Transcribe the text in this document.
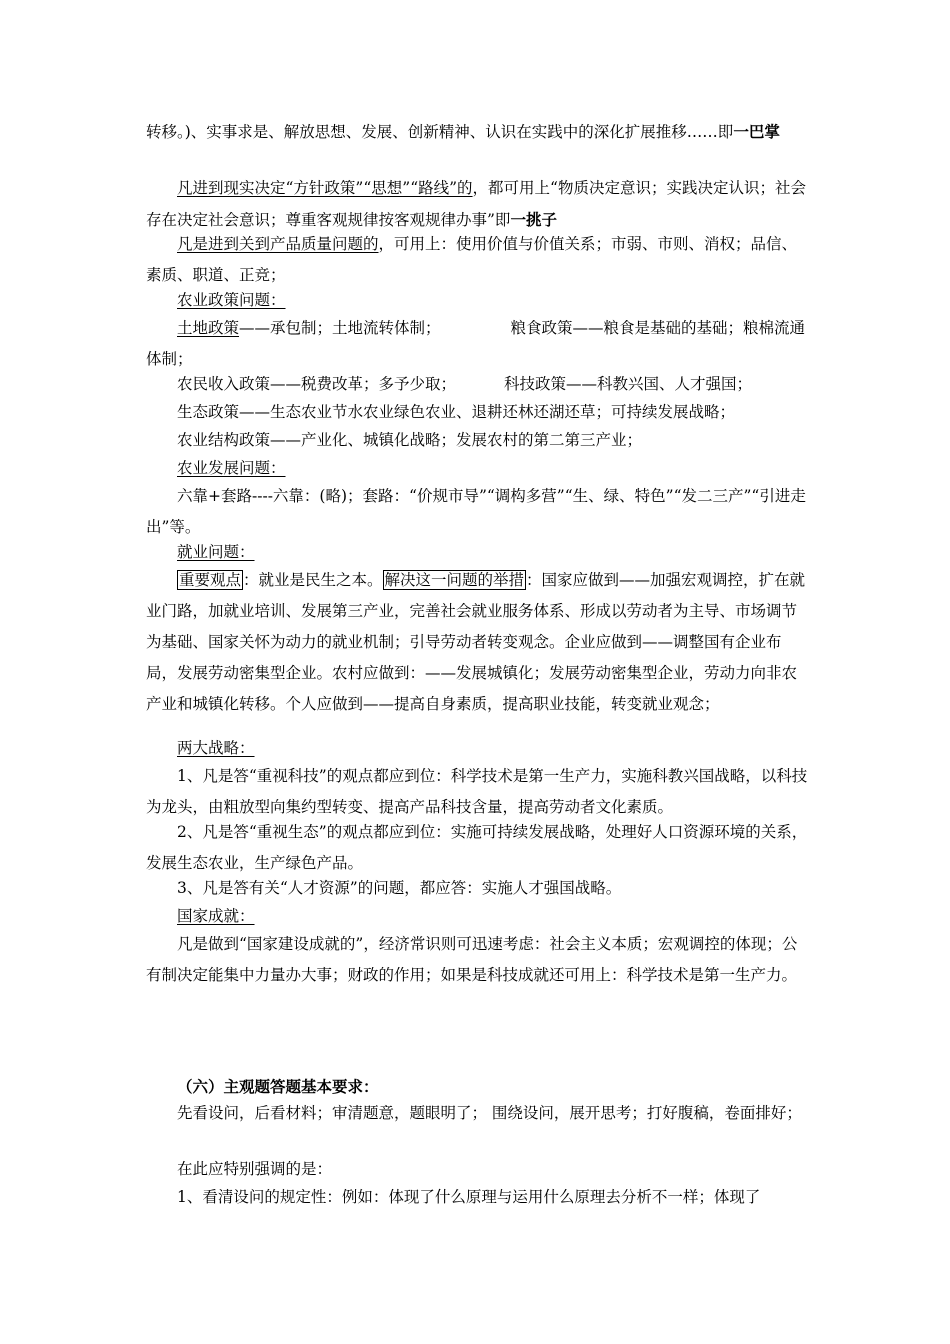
转移。)、实事求是、解放思想、发展、创新精神、认识在实践中的深化扩展推移……即一巴掌

凡进到现实决定“方针政策”“思想”“路线”的，都可用上“物质决定意识；实践决定认识；社会存在决定社会意识；尊重客观规律按客观规律办事”即一挑子

凡是进到关到产品质量问题的，可用上：使用价值与价值关系；市弱、市则、消权；品信、素质、职道、正竞；

农业政策问题：

土地政策——承包制；土地流转体制；	粮食政策——粮食是基础的基础；粮棉流通体制；

农民收入政策——税费改革；多予少取；	科技政策——科教兴国、人才强国；

生态政策——生态农业节水农业绿色农业、退耕还林还湖还草；可持续发展战略；

农业结构政策——产业化、城镇化战略；发展农村的第二第三产业；

农业发展问题：

六靠+套路----六靠：(略)；套路：“价规市导”“调构多营”“生、绿、特色”“发二三产”“引进走出”等。

就业问题：

重要观点 ：就业是民生之本。 解决这一问题的举措 ：国家应做到——加强宏观调控，扩在就业门路，加就业培训、发展第三产业，完善社会就业服务体系、形成以劳动者为主导、市场调节为基础、国家关怀为动力的就业机制；引导劳动者转变观念。企业应做到——调整国有企业布局，发展劳动密集型企业。农村应做到：——发展城镇化；发展劳动密集型企业，劳动力向非农产业和城镇化转移。个人应做到——提高自身素质，提高职业技能，转变就业观念；

两大战略：

1、凡是答“重视科技”的观点都应到位：科学技术是第一生产力，实施科教兴国战略，以科技为龙头，由粗放型向集约型转变、提高产品科技含量，提高劳动者文化素质。

2、凡是答“重视生态”的观点都应到位：实施可持续发展战略，处理好人口资源环境的关系，发展生态农业，生产绿色产品。

3、凡是答有关“人才资源”的问题，都应答：实施人才强国战略。

国家成就：

凡是做到“国家建设成就的”，经济常识则可迅速考虑：社会主义本质；宏观调控的体现；公有制决定能集中力量办大事；财政的作用；如果是科技成就还可用上：科学技术是第一生产力。

（六）主观题答题基本要求：

先看设问，后看材料；审清题意，题眼明了； 围绕设问，展开思考；打好腹稿，卷面排好；

在此应特别强调的是：

1、看清设问的规定性：例如：体现了什么原理与运用什么原理去分析不一样；体现了
